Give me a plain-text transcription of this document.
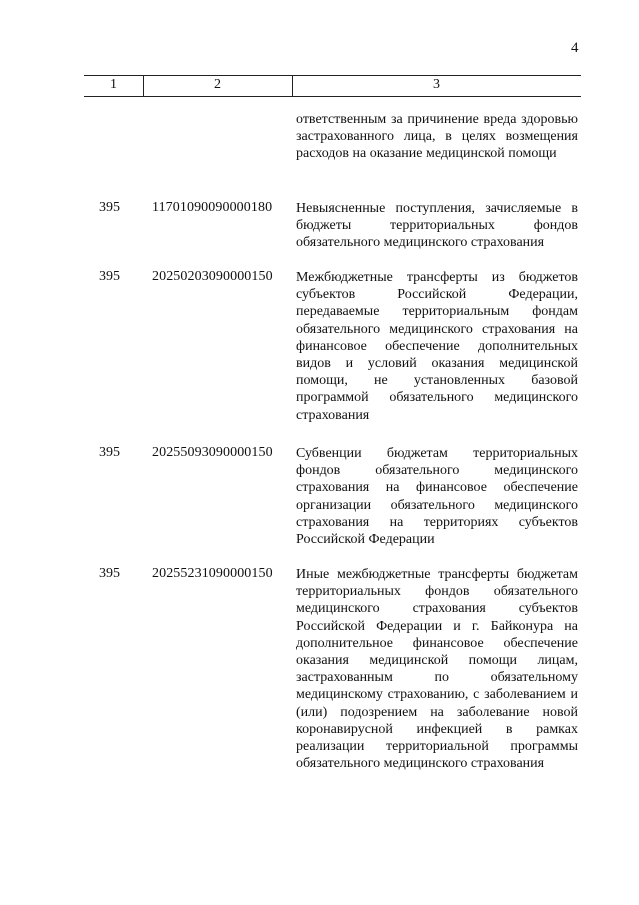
4
1	2	3
ответственным за причинение вреда здоровью застрахованного лица, в целях возмещения расходов на оказание медицинской помощи
395 11701090090000180 Невыясненные поступления, зачисляемые в бюджеты территориальных фондов обязательного медицинского страхования
395 20250203090000150 Межбюджетные трансферты из бюджетов субъектов Российской Федерации, передаваемые территориальным фондам обязательного медицинского страхования на финансовое обеспечение дополнительных видов и условий оказания медицинской помощи, не установленных базовой программой обязательного медицинского страхования
395 20255093090000150 Субвенции бюджетам территориальных фондов обязательного медицинского страхования на финансовое обеспечение организации обязательного медицинского страхования на территориях субъектов Российской Федерации
395 20255231090000150 Иные межбюджетные трансферты бюджетам территориальных фондов обязательного медицинского страхования субъектов Российской Федерации и г. Байконура на дополнительное финансовое обеспечение оказания медицинской помощи лицам, застрахованным по обязательному медицинскому страхованию, с заболеванием и (или) подозрением на заболевание новой коронавирусной инфекцией в рамках реализации территориальной программы обязательного медицинского страхования
